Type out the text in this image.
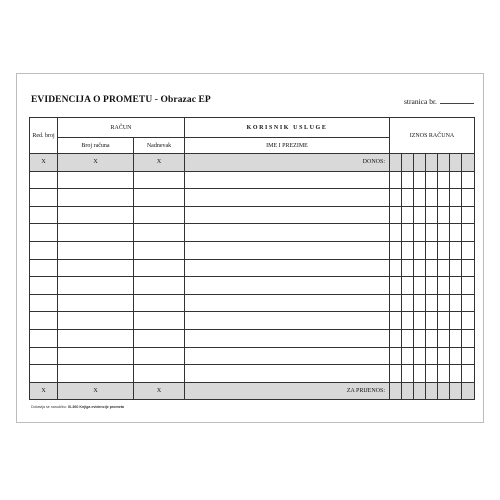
EVIDENCIJA O PROMETU - Obrazac EP	stranica br.
Red. broj	RAČUN		KORISNIK USLUGE	IZNOS RAČUNA						
	Broj računa	Nadnevak	IME I PREZIME							
X	X	X	DONOS:							

X	X	X	ZA PRIJENOS:							
Dobavlja se narudžbu: IX-360 Knjiga evidencije prometa
